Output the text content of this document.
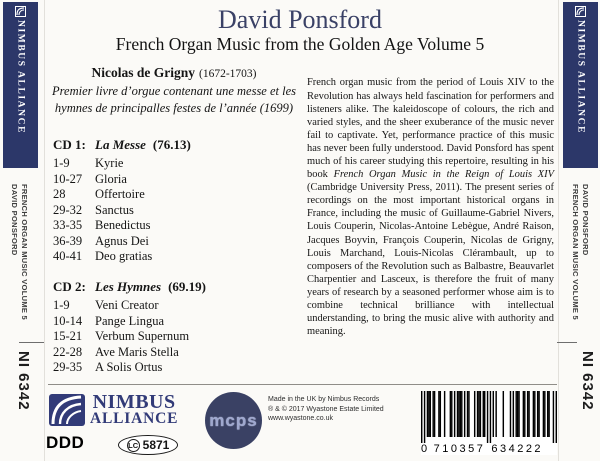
NIMBUS ALLIANCE
DAVID PONSFORD FRENCH ORGAN MUSIC VOLUME 5
NI 6342
NIMBUS ALLIANCE
FRENCH ORGAN MUSIC VOLUME 5 DAVID PONSFORD
NI 6342
David Ponsford
French Organ Music from the Golden Age Volume 5
Nicolas de Grigny (1672-1703)
Premier livre d’orgue contenant une messe et les
hymnes de principalles festes de l’année (1699)
CD 1: La Messe (76.13)
1-9	Kyrie
10-27	Gloria
28	Offertoire
29-32	Sanctus
33-35	Benedictus
36-39	Agnus Dei
40-41	Deo gratias
CD 2: Les Hymnes (69.19)
1-9	Veni Creator
10-14	Pange Lingua
15-21	Verbum Supernum
22-28	Ave Maris Stella
29-35	A Solis Ortus

French organ music from the period of Louis XIV to the Revolution has always held fascination for performers and listeners alike. The kaleidoscope of colours, the rich and varied styles, and the sheer exuberance of the music never fail to captivate. Yet, performance practice of this music has never been fully understood. David Ponsford has spent much of his career studying this repertoire, resulting in his book French Organ Music in the Reign of Louis XIV (Cambridge University Press, 2011). The present series of recordings on the most important historical organs in France, including the music of Guillaume-Gabriel Nivers, Louis Couperin, Nicolas-Antoine Lebègue, André Raison, Jacques Boyvin, François Couperin, Nicolas de Grigny, Louis Marchand, Louis-Nicolas Clérambault, up to composers of the Revolution such as Balbastre, Beauvarlet Charpentier and Lasceux, is therefore the fruit of many years of research by a seasoned performer whose aim is to combine technical brilliance with intellectual understanding, to bring the music alive with authority and meaning.

NIMBUS
ALLIANCE
DDD	LC 5871
mcps
Made in the UK by Nimbus Records
® & © 2017 Wyastone Estate Limited
www.wyastone.co.uk
0 710357 634222
